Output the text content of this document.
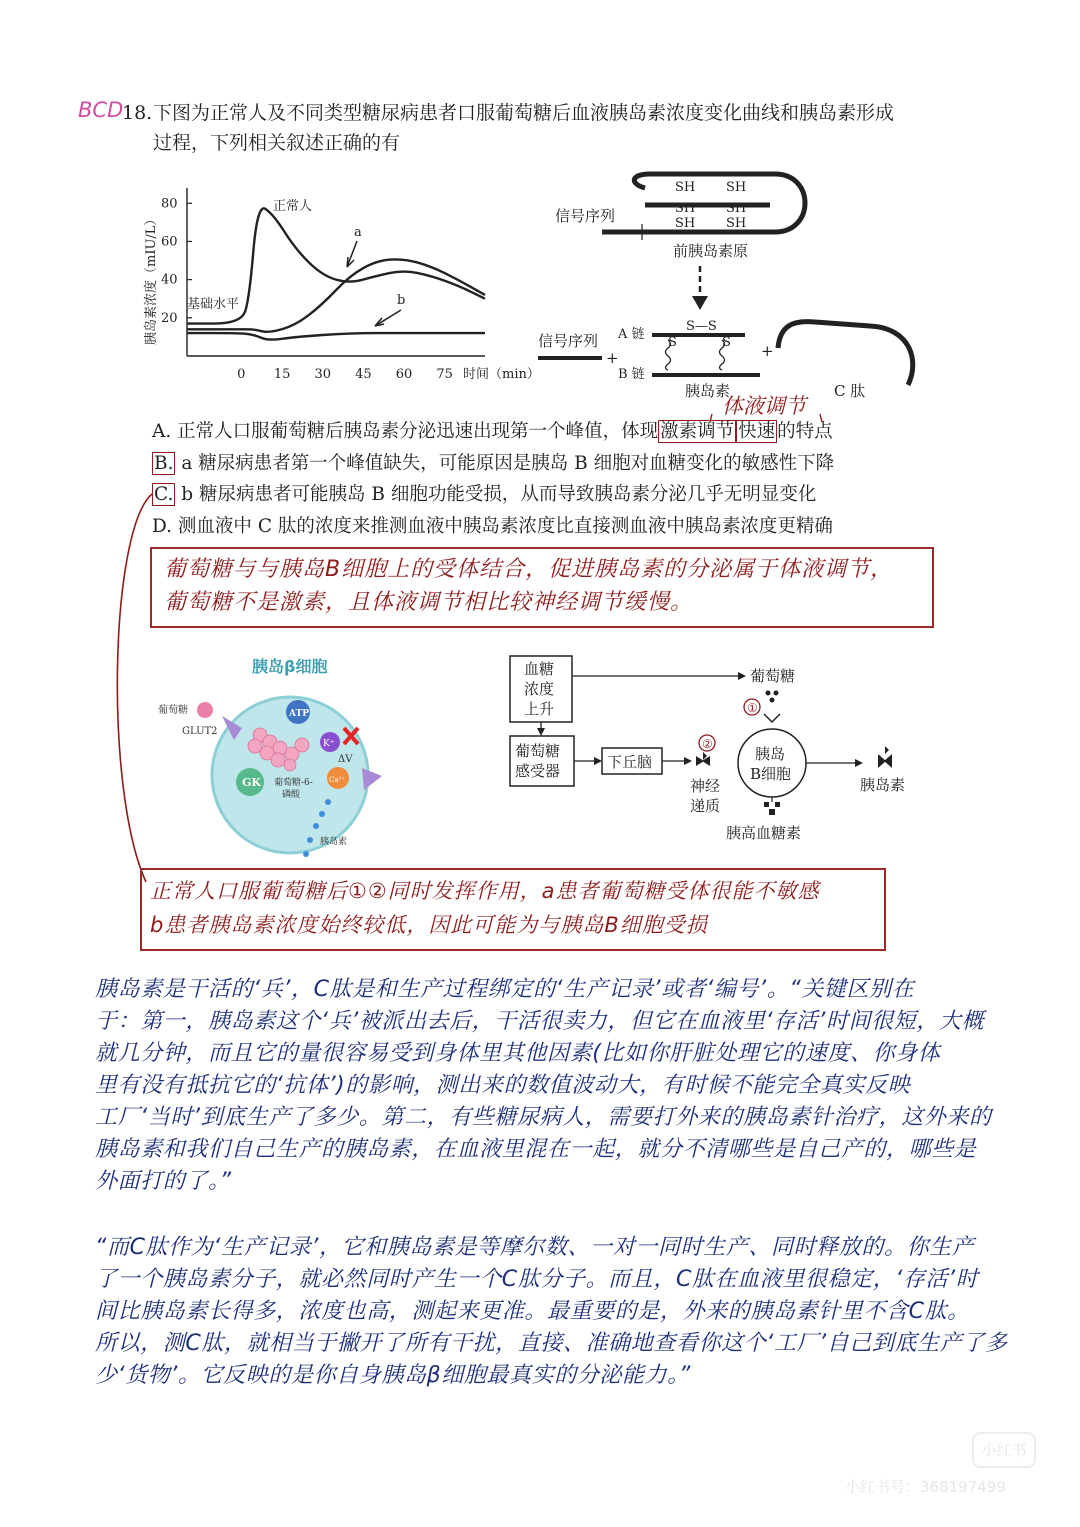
BCD
18. 下图为正常人及不同类型糖尿病患者口服葡萄糖后血液胰岛素浓度变化曲线和胰岛素形成
过程，下列相关叙述正确的有
胰岛素浓度（mIU/L） 20
40
60
80
0 15 30 45 60 75 时间（min）
正常人
a
b
基础水平
SH SH
SH SH
SH SH
信号序列
前胰岛素原
信号序列
+
A 链
B 链
S—S
S	S
胰岛素
+
C 肽
体液调节
A. 正常人口服葡萄糖后胰岛素分泌迅速出现第一个峰值，体现 激素调节 快速 的特点
B. a 糖尿病患者第一个峰值缺失，可能原因是胰岛 B 细胞对血糖变化的敏感性下降
C. b 糖尿病患者可能胰岛 B 细胞功能受损，从而导致胰岛素分泌几乎无明显变化
D. 测血液中 C 肽的浓度来推测血液中胰岛素浓度比直接测血液中胰岛素浓度更精确
葡萄糖与与胰岛B细胞上的受体结合，促进胰岛素的分泌属于体液调节，
葡萄糖不是激素，且体液调节相比较神经调节缓慢。
胰岛β细胞
葡萄糖
GLUT2
ATP
K⁺
ΔV
GK 葡萄糖-6-
磷酸
Ca²⁺
胰岛素
血糖
浓度
上升
葡萄糖
①
葡萄糖
感受器	下丘脑
②
神经
递质
胰岛
B细胞
胰岛素
胰高血糖素
正常人口服葡萄糖后①②同时发挥作用，a患者葡萄糖受体很能不敏感
b患者胰岛素浓度始终较低，因此可能为与胰岛B细胞受损
胰岛素是干活的‘兵’，C肽是和生产过程绑定的‘生产记录’或者‘编号’。“关键区别在
于：第一，胰岛素这个‘兵’被派出去后，干活很卖力，但它在血液里‘存活’时间很短，大概
就几分钟，而且它的量很容易受到身体里其他因素(比如你肝脏处理它的速度、你身体
里有没有抵抗它的‘抗体’)的影响，测出来的数值波动大，有时候不能完全真实反映
工厂‘当时’到底生产了多少。第二，有些糖尿病人，需要打外来的胰岛素针治疗，这外来的
胰岛素和我们自己生产的胰岛素，在血液里混在一起，就分不清哪些是自己产的，哪些是
外面打的了。”
“而C肽作为‘生产记录’，它和胰岛素是等摩尔数、一对一同时生产、同时释放的。你生产
了一个胰岛素分子，就必然同时产生一个C肽分子。而且，C肽在血液里很稳定，‘存活’时
间比胰岛素长得多，浓度也高，测起来更准。最重要的是，外来的胰岛素针里不含C肽。
所以，测C肽，就相当于撇开了所有干扰，直接、准确地查看你这个‘工厂’自己到底生产了多
少‘货物’。它反映的是你自身胰岛β细胞最真实的分泌能力。”
小红书
小红书号：368197499
